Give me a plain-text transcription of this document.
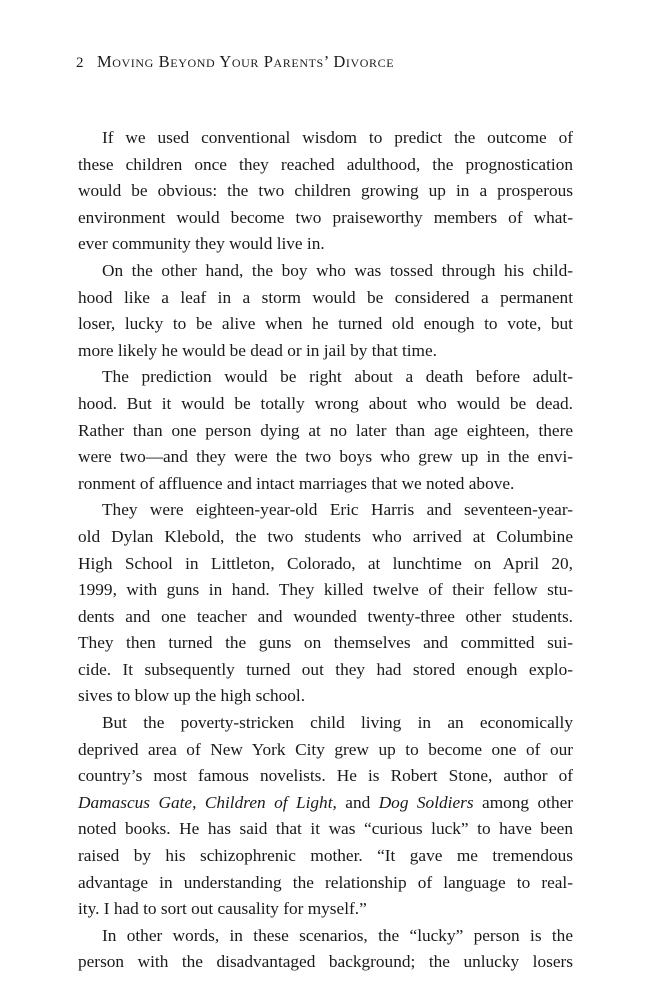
2 Moving Beyond Your Parents’ Divorce
If we used conventional wisdom to predict the outcome of
these children once they reached adulthood, the prognostication
would be obvious: the two children growing up in a prosperous
environment would become two praiseworthy members of what-
ever community they would live in.
On the other hand, the boy who was tossed through his child-
hood like a leaf in a storm would be considered a permanent
loser, lucky to be alive when he turned old enough to vote, but
more likely he would be dead or in jail by that time.
The prediction would be right about a death before adult-
hood. But it would be totally wrong about who would be dead.
Rather than one person dying at no later than age eighteen, there
were two—and they were the two boys who grew up in the envi-
ronment of affluence and intact marriages that we noted above.
They were eighteen-year-old Eric Harris and seventeen-year-
old Dylan Klebold, the two students who arrived at Columbine
High School in Littleton, Colorado, at lunchtime on April 20,
1999, with guns in hand. They killed twelve of their fellow stu-
dents and one teacher and wounded twenty-three other students.
They then turned the guns on themselves and committed sui-
cide. It subsequently turned out they had stored enough explo-
sives to blow up the high school.
But the poverty-stricken child living in an economically
deprived area of New York City grew up to become one of our
country’s most famous novelists. He is Robert Stone, author of
Damascus Gate, Children of Light, and Dog Soldiers among other
noted books. He has said that it was “curious luck” to have been
raised by his schizophrenic mother. “It gave me tremendous
advantage in understanding the relationship of language to real-
ity. I had to sort out causality for myself.”
In other words, in these scenarios, the “lucky” person is the
person with the disadvantaged background; the unlucky losers
